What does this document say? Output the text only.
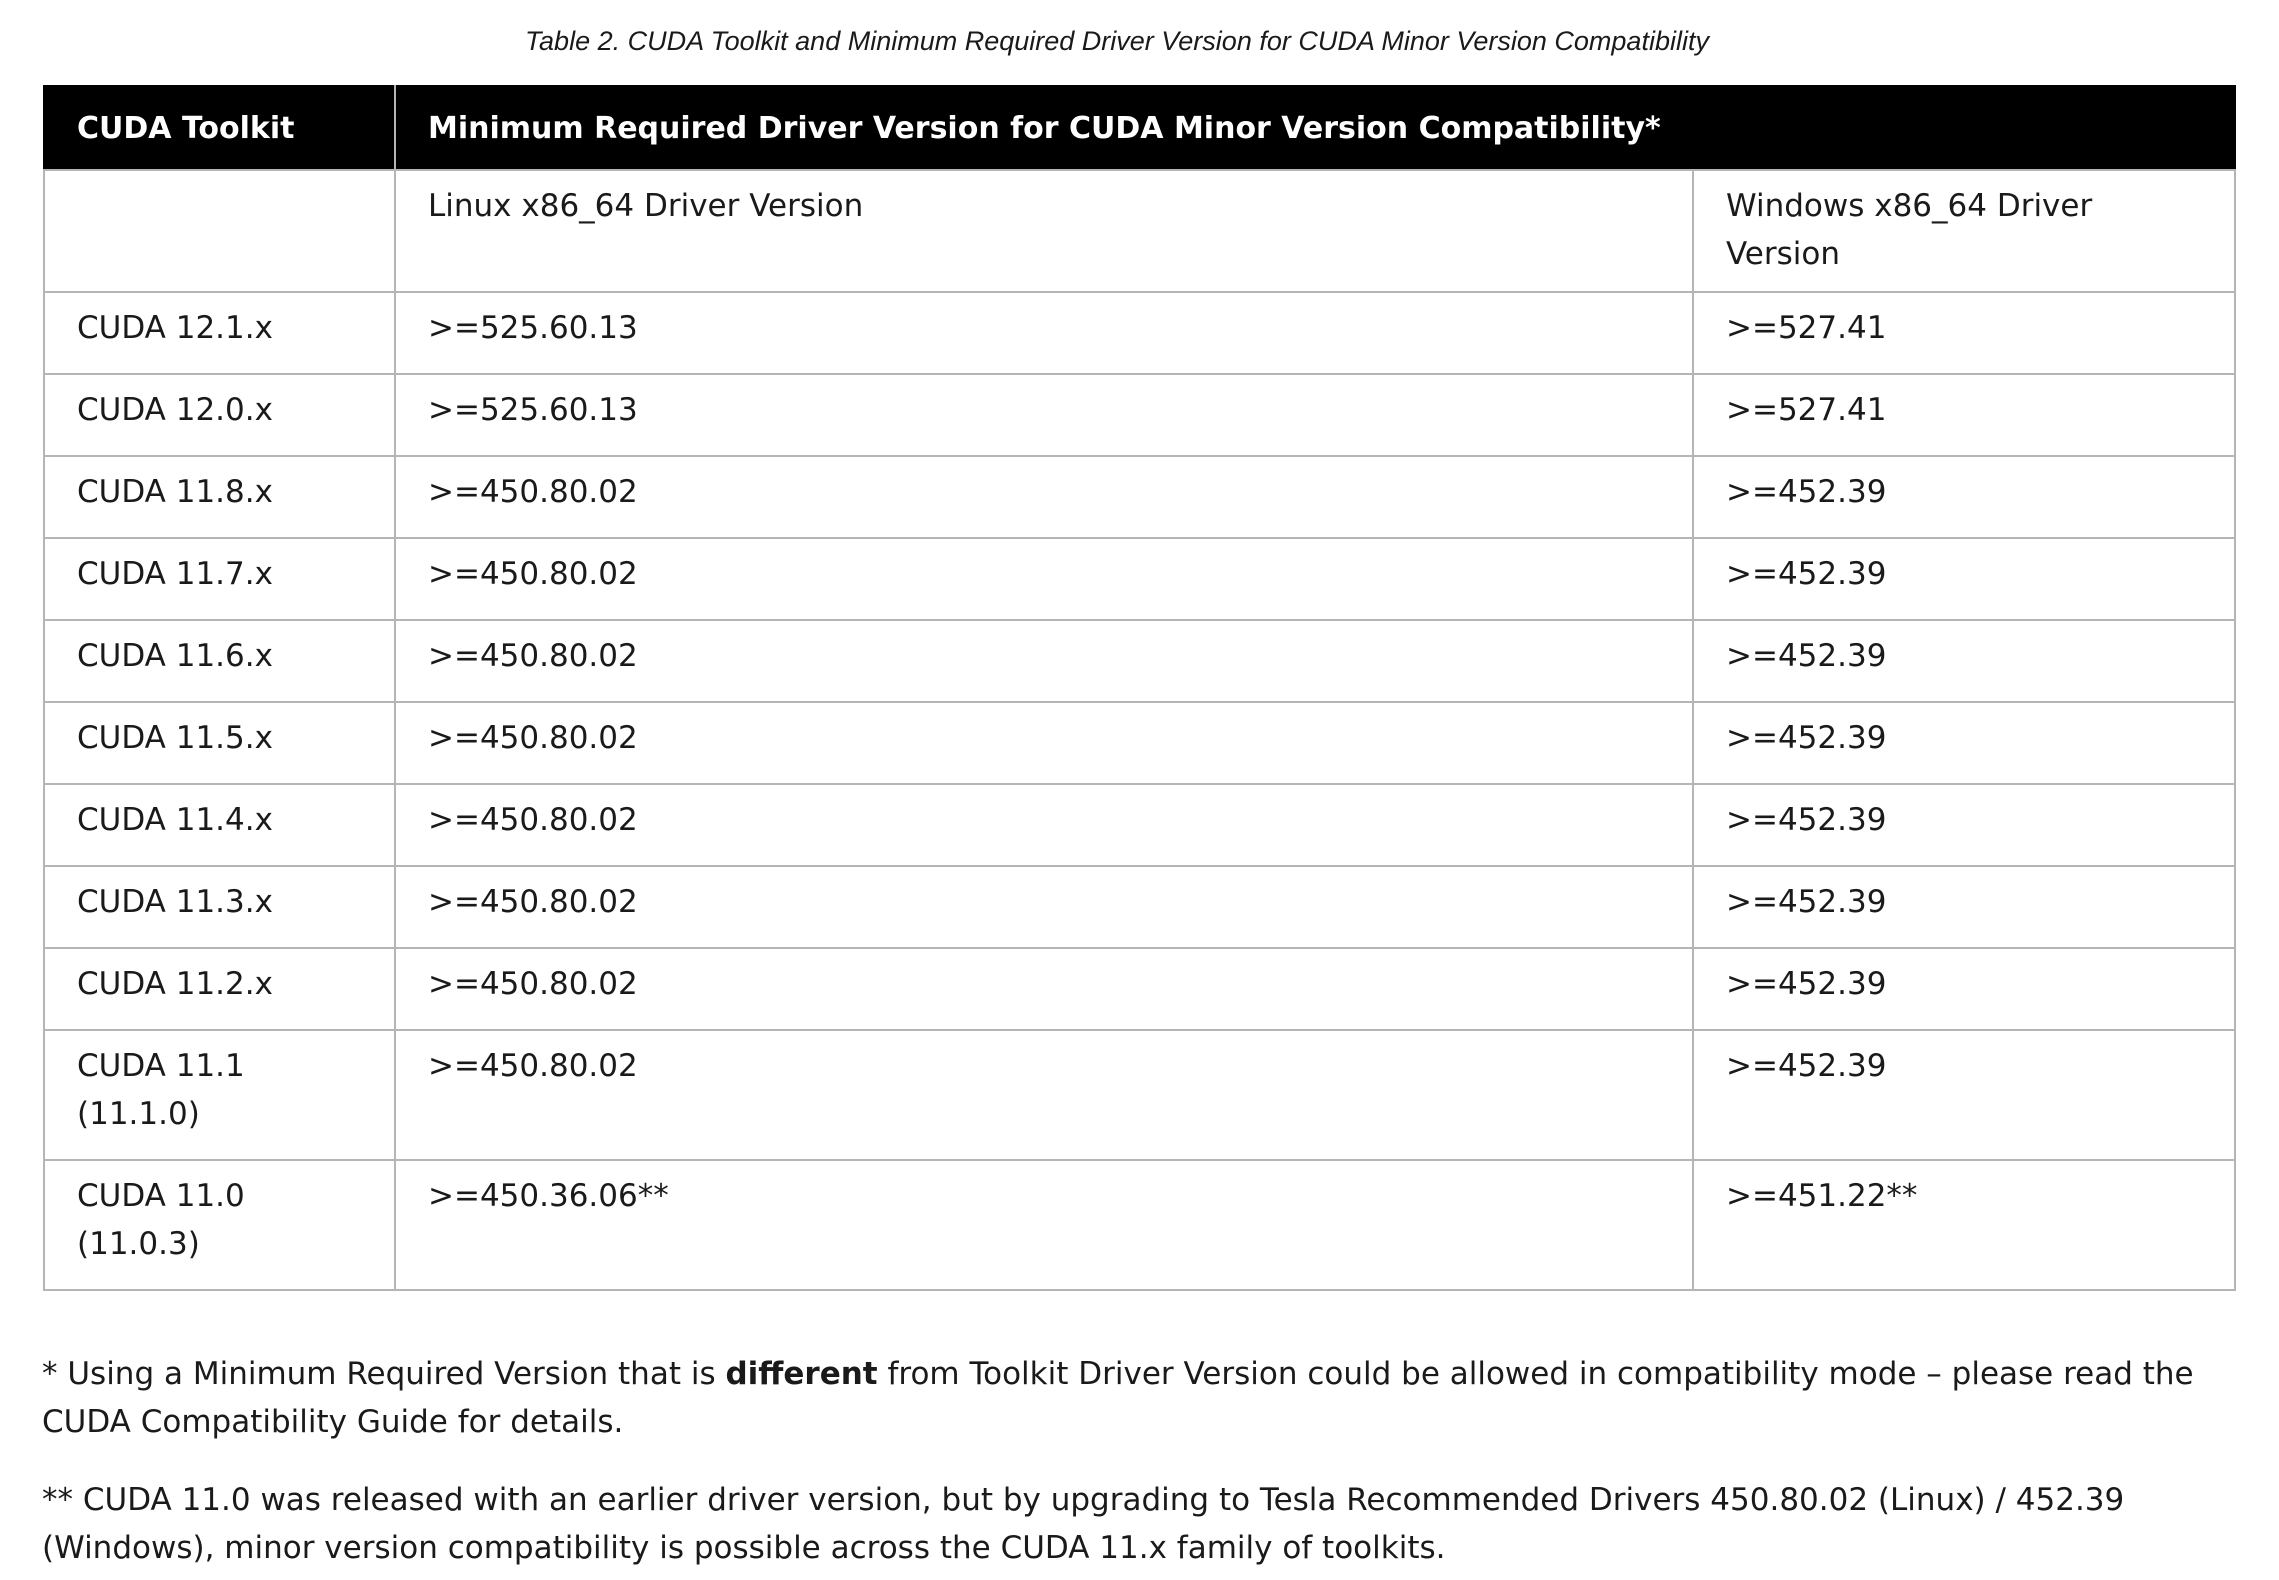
Table 2. CUDA Toolkit and Minimum Required Driver Version for CUDA Minor Version Compatibility
CUDA Toolkit	Minimum Required Driver Version for CUDA Minor Version Compatibility*	
	Linux x86_64 Driver Version	Windows x86_64 Driver Version
CUDA 12.1.x	>=525.60.13	>=527.41
CUDA 12.0.x	>=525.60.13	>=527.41
CUDA 11.8.x	>=450.80.02	>=452.39
CUDA 11.7.x	>=450.80.02	>=452.39
CUDA 11.6.x	>=450.80.02	>=452.39
CUDA 11.5.x	>=450.80.02	>=452.39
CUDA 11.4.x	>=450.80.02	>=452.39
CUDA 11.3.x	>=450.80.02	>=452.39
CUDA 11.2.x	>=450.80.02	>=452.39
CUDA 11.1 (11.1.0)	>=450.80.02	>=452.39
CUDA 11.0 (11.0.3)	>=450.36.06**	>=451.22**

* Using a Minimum Required Version that is different from Toolkit Driver Version could be allowed in compatibility mode – please read the CUDA Compatibility Guide for details.

** CUDA 11.0 was released with an earlier driver version, but by upgrading to Tesla Recommended Drivers 450.80.02 (Linux) / 452.39 (Windows), minor version compatibility is possible across the CUDA 11.x family of toolkits.
